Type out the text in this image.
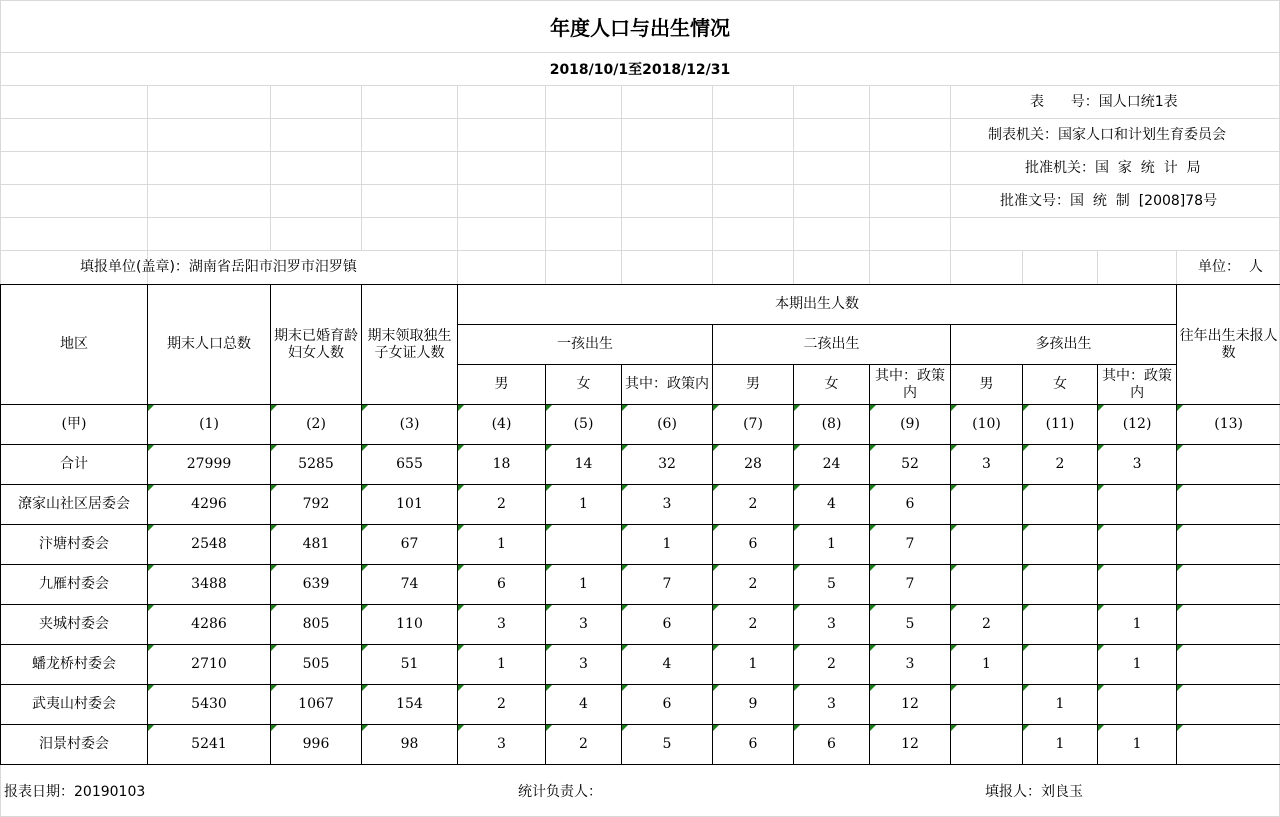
年度人口与出生情况
2018/10/1至2018/12/31
表      号：国人口统1表
制表机关：国家人口和计划生育委员会
批准机关：国  家  统  计  局
批准文号：国  统  制  [2008]78号
填报单位(盖章)：湖南省岳阳市汨罗市汨罗镇	单位：  人
地区	期末人口总数	期末已婚育龄妇女人数	期末领取独生子女证人数	本期出生人数									往年出生未报人数
				一孩出生			二孩出生			多孩出生			
				男	女	其中：政策内	男	女	其中：政策内	男	女	其中：政策内	
(甲)	(1)	(2)	(3)	(4)	(5)	(6)	(7)	(8)	(9)	(10)	(11)	(12)	(13)
合计	27999	5285	655	18	14	32	28	24	52	3	2	3	
潦家山社区居委会	4296	792	101	2	1	3	2	4	6				
汴塘村委会	2548	481	67	1		1	6	1	7				
九雁村委会	3488	639	74	6	1	7	2	5	7				
夹城村委会	4286	805	110	3	3	6	2	3	5	2		1	
蟠龙桥村委会	2710	505	51	1	3	4	1	2	3	1		1	
武夷山村委会	5430	1067	154	2	4	6	9	3	12		1		
汨景村委会	5241	996	98	3	2	5	6	6	12		1	1	
报表日期：20190103	统计负责人：	填报人：刘良玉
